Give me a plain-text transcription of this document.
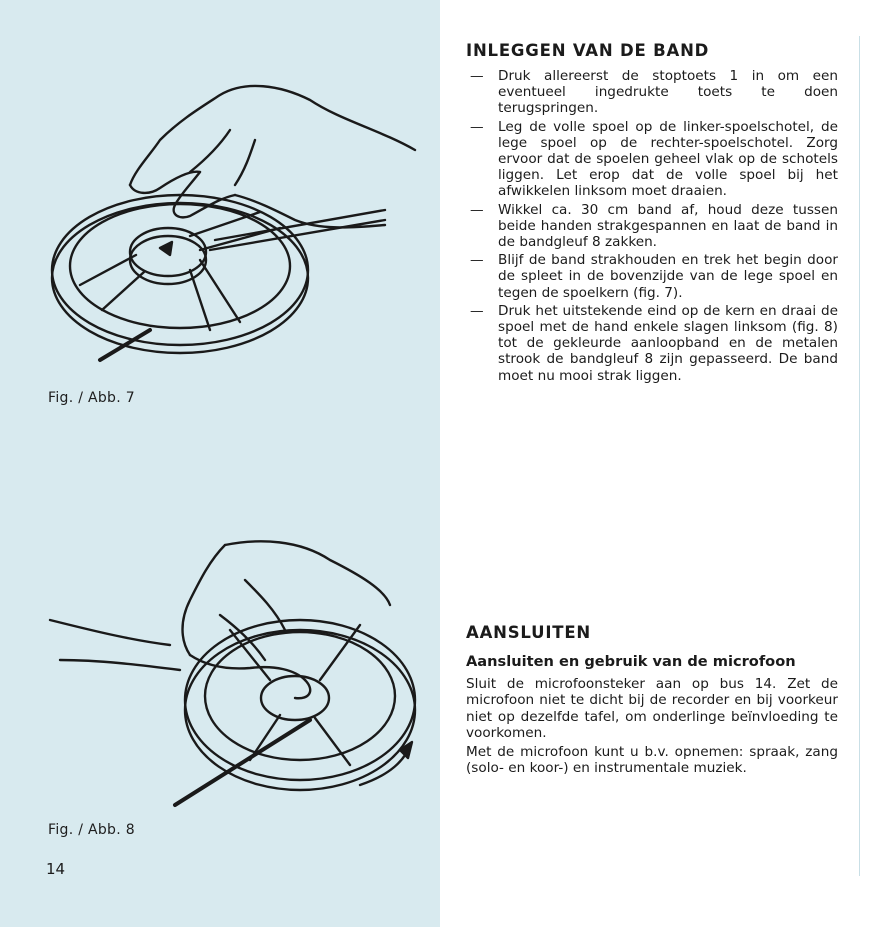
Fig. / Abb. 7
Fig. / Abb. 8
14
INLEGGEN VAN DE BAND
— Druk allereerst de stoptoets 1 in om een eventueel ingedrukte toets te doen terugspringen.
— Leg de volle spoel op de linker-spoelschotel, de lege spoel op de rechter-spoelschotel. Zorg ervoor dat de spoelen geheel vlak op de schotels liggen. Let erop dat de volle spoel bij het afwikkelen linksom moet draaien.
— Wikkel ca. 30 cm band af, houd deze tussen beide handen strakgespannen en laat de band in de bandgleuf 8 zakken.
— Blijf de band strakhouden en trek het begin door de spleet in de bovenzijde van de lege spoel en tegen de spoelkern (fig. 7).
— Druk het uitstekende eind op de kern en draai de spoel met de hand enkele slagen linksom (fig. 8) tot de gekleurde aanloopband en de metalen strook de bandgleuf 8 zijn gepasseerd. De band moet nu mooi strak liggen.
AANSLUITEN
Aansluiten en gebruik van de microfoon

Sluit de microfoonsteker aan op bus 14. Zet de microfoon niet te dicht bij de recorder en bij voorkeur niet op dezelfde tafel, om onderlinge beïnvloeding te voorkomen.

Met de microfoon kunt u b.v. opnemen: spraak, zang (solo- en koor-) en instrumentale muziek.
